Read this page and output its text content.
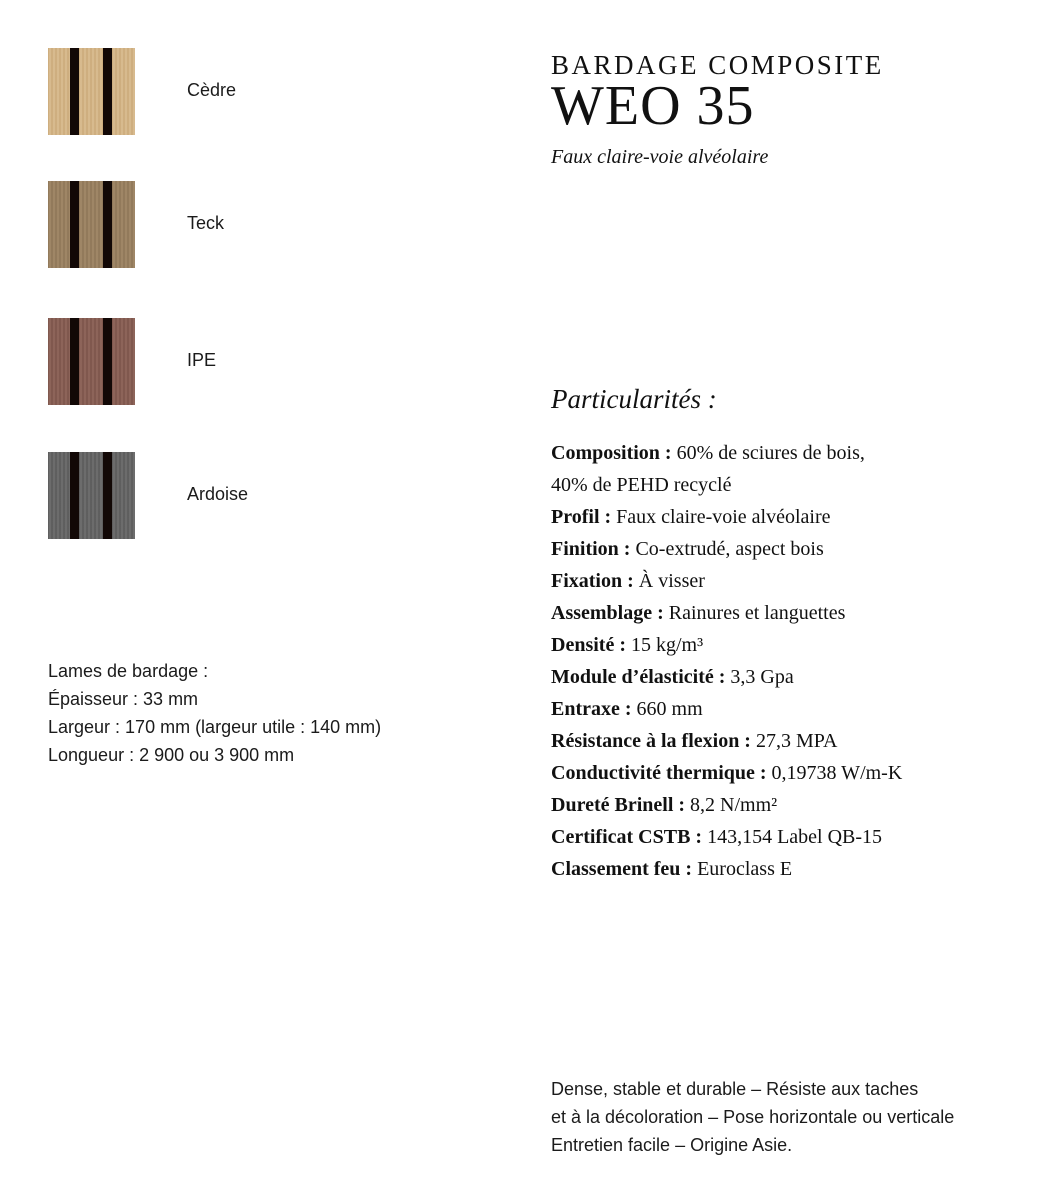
Cèdre
Teck
IPE
Ardoise
Lames de bardage :
Épaisseur : 33 mm
Largeur : 170 mm (largeur utile : 140 mm)
Longueur : 2 900 ou 3 900 mm
BARDAGE COMPOSITE
WEO 35
Faux claire-voie alvéolaire
Particularités :
Composition : 60% de sciures de bois,
40% de PEHD recyclé
Profil : Faux claire-voie alvéolaire
Finition : Co-extrudé, aspect bois
Fixation : À visser
Assemblage : Rainures et languettes
Densité : 15 kg/m³
Module d’élasticité : 3,3 Gpa
Entraxe : 660 mm
Résistance à la flexion : 27,3 MPA
Conductivité thermique : 0,19738 W/m-K
Dureté Brinell : 8,2 N/mm²
Certificat CSTB : 143,154 Label QB-15
Classement feu : Euroclass E
Dense, stable et durable – Résiste aux taches
et à la décoloration – Pose horizontale ou verticale
Entretien facile – Origine Asie.
